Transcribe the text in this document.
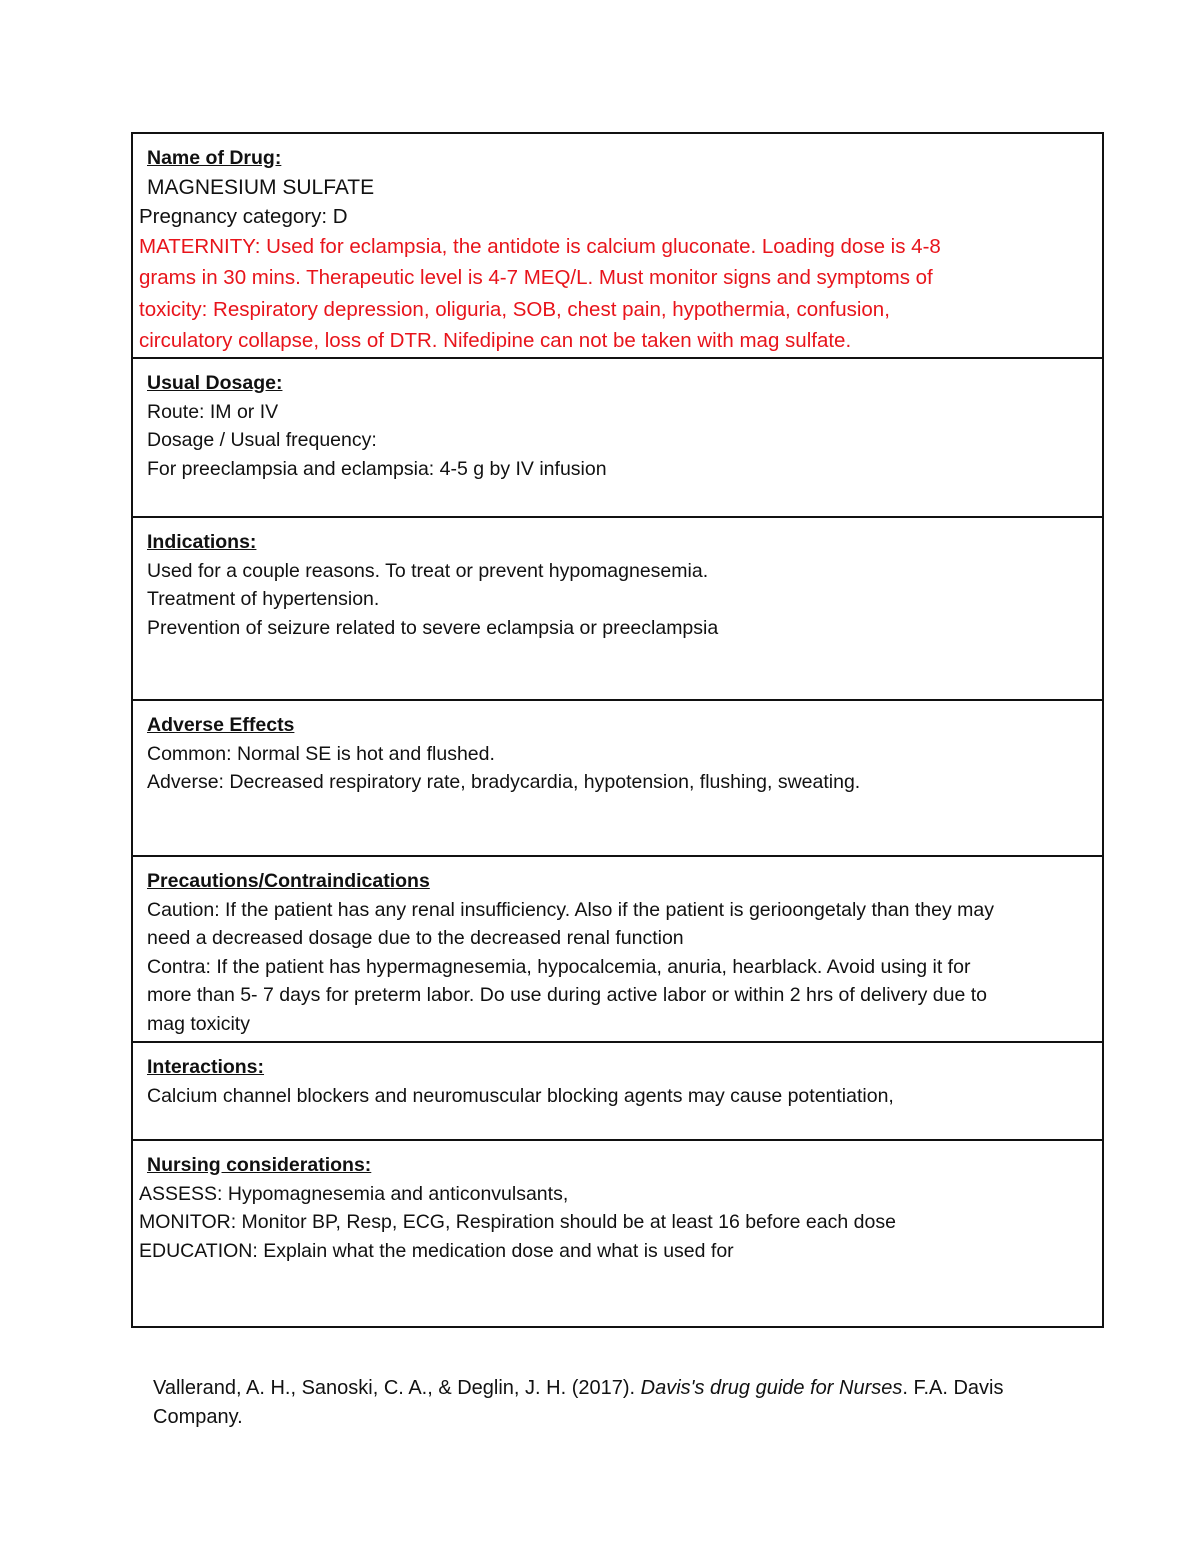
Name of Drug:
MAGNESIUM SULFATE
Pregnancy category: D
MATERNITY: Used for eclampsia, the antidote is calcium gluconate. Loading dose is 4-8
grams in 30 mins. Therapeutic level is 4-7 MEQ/L. Must monitor signs and symptoms of
toxicity: Respiratory depression, oliguria, SOB, chest pain, hypothermia, confusion,
circulatory collapse, loss of DTR. Nifedipine can not be taken with mag sulfate.
Usual Dosage:
Route: IM or IV
Dosage / Usual frequency:
For preeclampsia and eclampsia: 4-5 g by IV infusion
Indications:
Used for a couple reasons. To treat or prevent hypomagnesemia.
Treatment of hypertension.
Prevention of seizure related to severe eclampsia or preeclampsia
Adverse Effects
Common: Normal SE is hot and flushed.
Adverse: Decreased respiratory rate, bradycardia, hypotension, flushing, sweating.
Precautions/Contraindications
Caution: If the patient has any renal insufficiency. Also if the patient is gerioongetaly than they may
need a decreased dosage due to the decreased renal function
Contra: If the patient has hypermagnesemia, hypocalcemia, anuria, hearblack. Avoid using it for
more than 5- 7 days for preterm labor. Do use during active labor or within 2 hrs of delivery due to
mag toxicity
Interactions:
Calcium channel blockers and neuromuscular blocking agents may cause potentiation,
Nursing considerations:
ASSESS: Hypomagnesemia and anticonvulsants,
MONITOR: Monitor BP, Resp, ECG, Respiration should be at least 16 before each dose
EDUCATION: Explain what the medication dose and what is used for
Vallerand, A. H., Sanoski, C. A., & Deglin, J. H. (2017). Davis's drug guide for Nurses. F.A. Davis Company.
